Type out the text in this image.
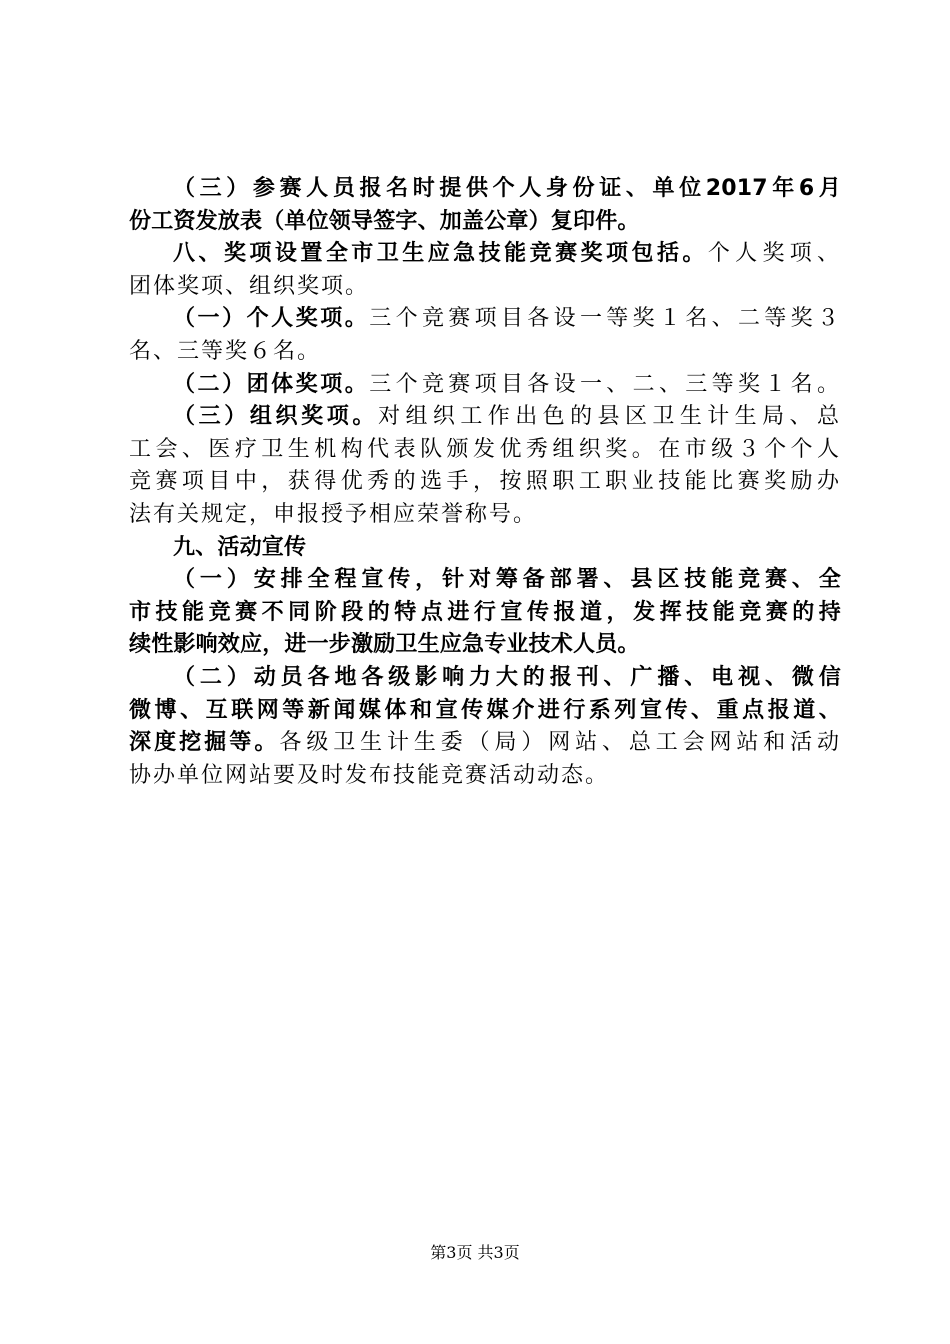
（三）参赛人员报名时提供个人身份证、单位2017年6月
份工资发放表（单位领导签字、加盖公章）复印件。
八、奖项设置全市卫生应急技能竞赛奖项包括。个人奖项、
团体奖项、组织奖项。
（一）个人奖项。三个竞赛项目各设一等奖１名、二等奖３
名、三等奖６名。
（二）团体奖项。三个竞赛项目各设一、二、三等奖１名。
（三）组织奖项。对组织工作出色的县区卫生计生局、总
工会、医疗卫生机构代表队颁发优秀组织奖。在市级３个个人
竞赛项目中，获得优秀的选手，按照职工职业技能比赛奖励办
法有关规定，申报授予相应荣誉称号。
九、活动宣传
（一）安排全程宣传，针对筹备部署、县区技能竞赛、全
市技能竞赛不同阶段的特点进行宣传报道，发挥技能竞赛的持
续性影响效应，进一步激励卫生应急专业技术人员。
（二）动员各地各级影响力大的报刊、广播、电视、微信
微博、互联网等新闻媒体和宣传媒介进行系列宣传、重点报道、
深度挖掘等。各级卫生计生委（局）网站、总工会网站和活动
协办单位网站要及时发布技能竞赛活动动态。
第3页 共3页
